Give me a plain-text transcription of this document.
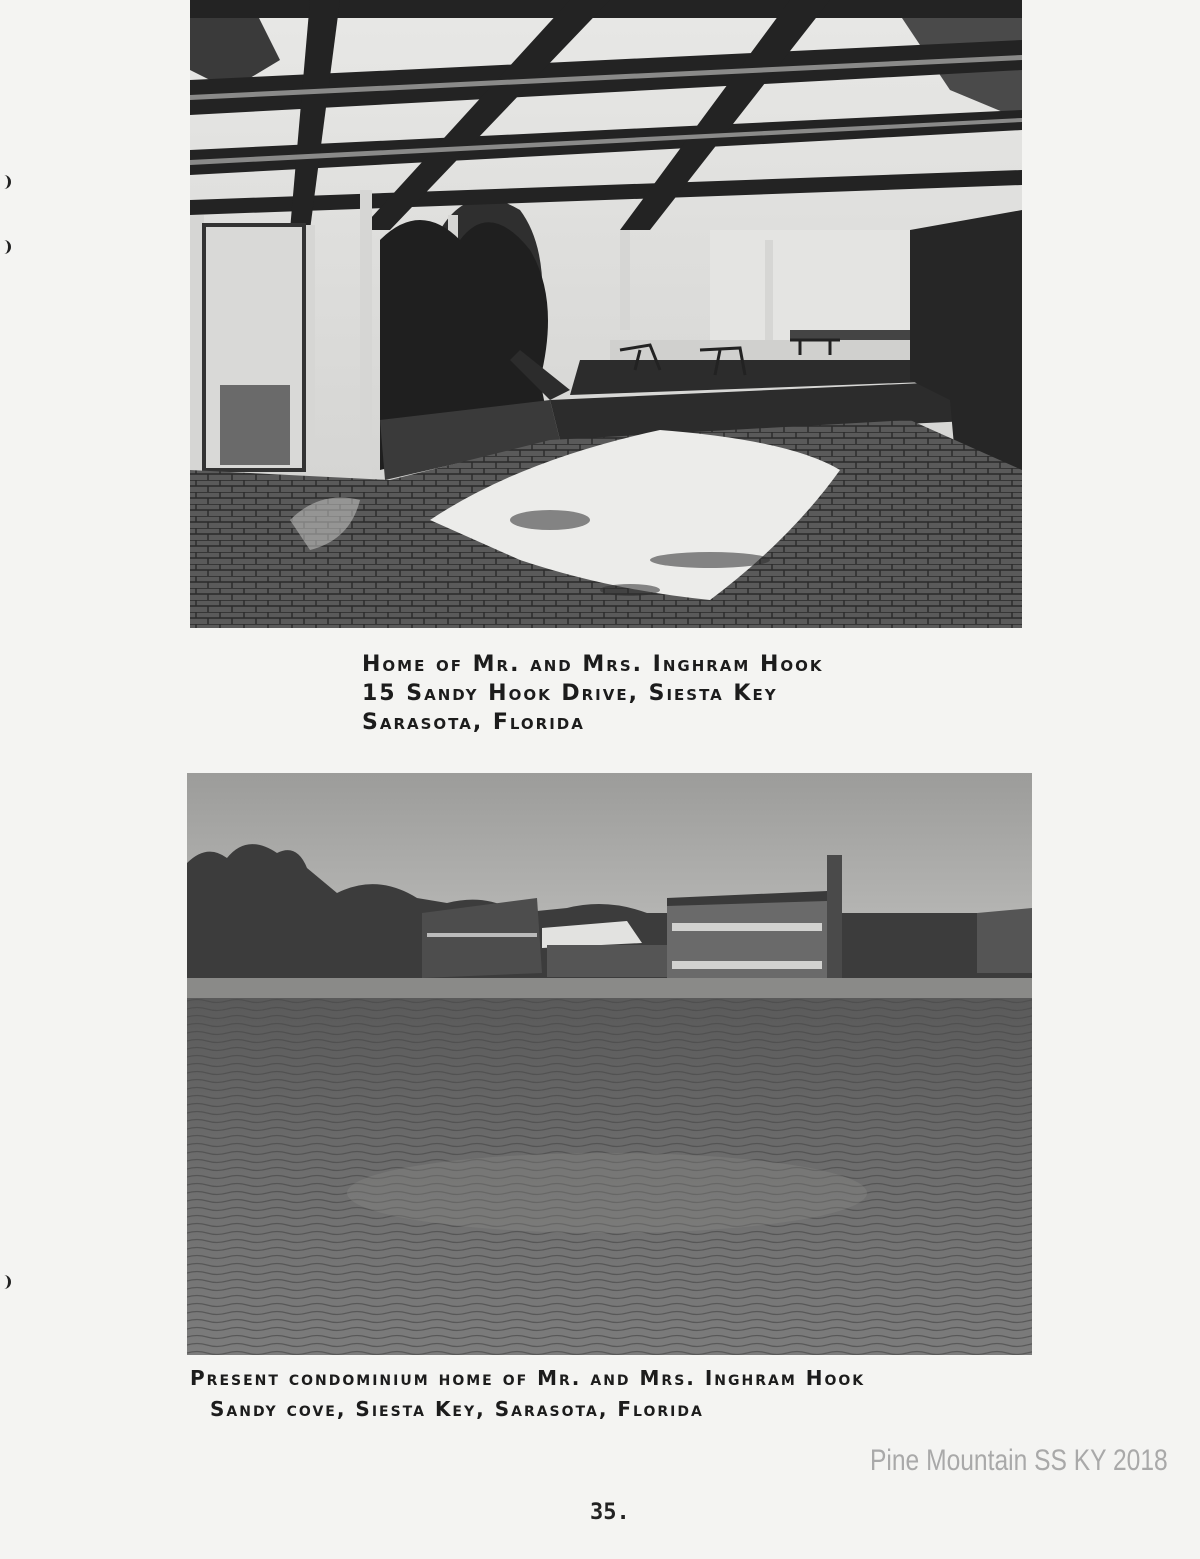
Home of Mr. and Mrs. Inghram Hook
15 Sandy Hook Drive, Siesta Key
Sarasota, Florida
Present condominium home of Mr. and Mrs. Inghram Hook
Sandy cove, Siesta Key, Sarasota, Florida
Pine Mountain SS KY 2018
35.
